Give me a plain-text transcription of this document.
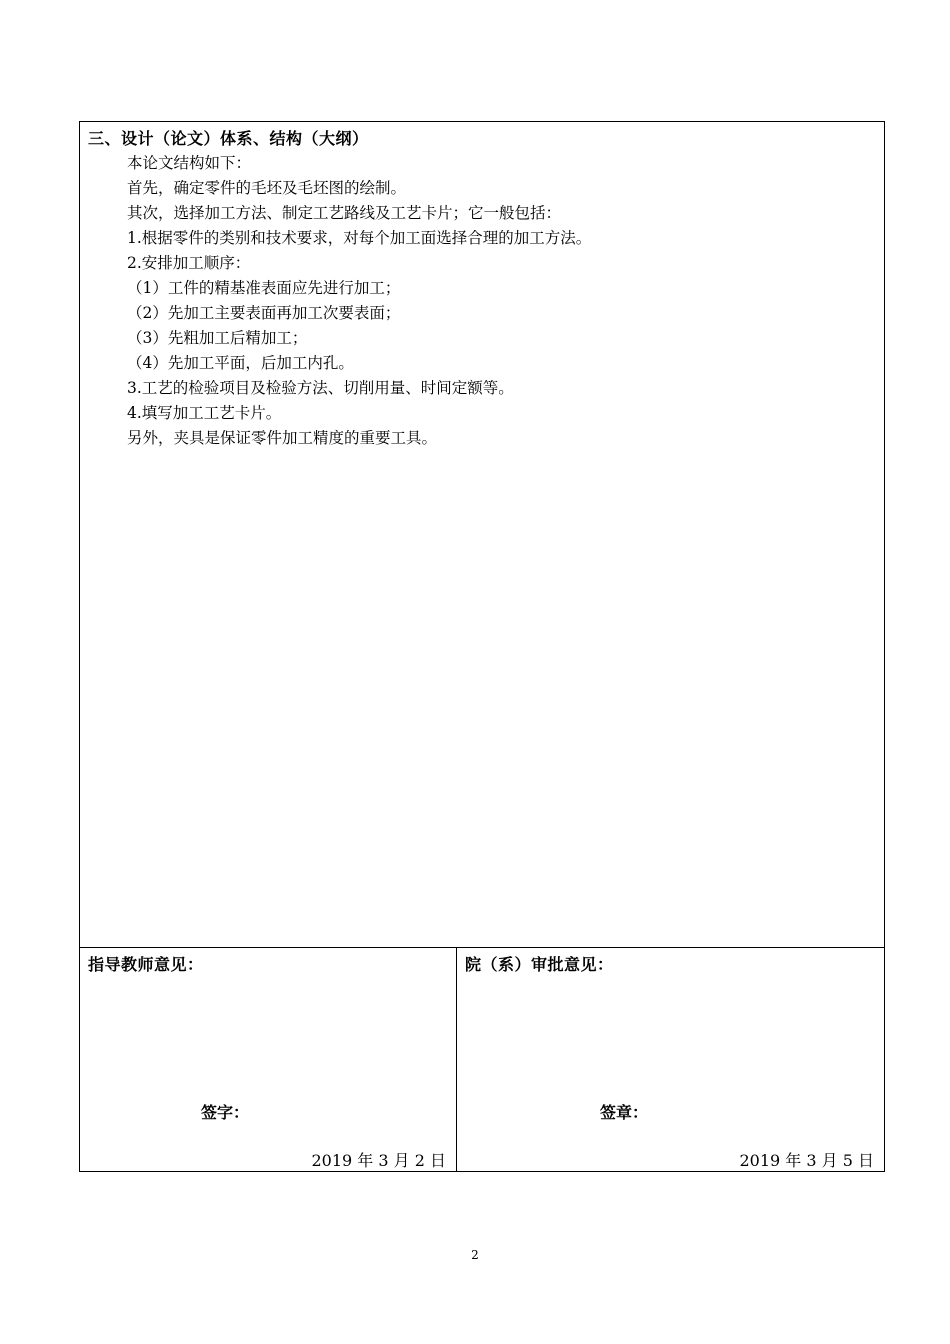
三、设计（论文）体系、结构（大纲）
本论文结构如下：
首先，确定零件的毛坯及毛坯图的绘制。
其次，选择加工方法、制定工艺路线及工艺卡片；它一般包括：
1.根据零件的类别和技术要求，对每个加工面选择合理的加工方法。
2.安排加工顺序：
（1）工件的精基准表面应先进行加工；
（2）先加工主要表面再加工次要表面；
（3）先粗加工后精加工；
（4）先加工平面，后加工内孔。
3.工艺的检验项目及检验方法、切削用量、时间定额等。
4.填写加工工艺卡片。
另外，夹具是保证零件加工精度的重要工具。
指导教师意见：
签字：
2019 年 3 月 2 日
院（系）审批意见：
签章：
2019 年 3 月 5 日
2
